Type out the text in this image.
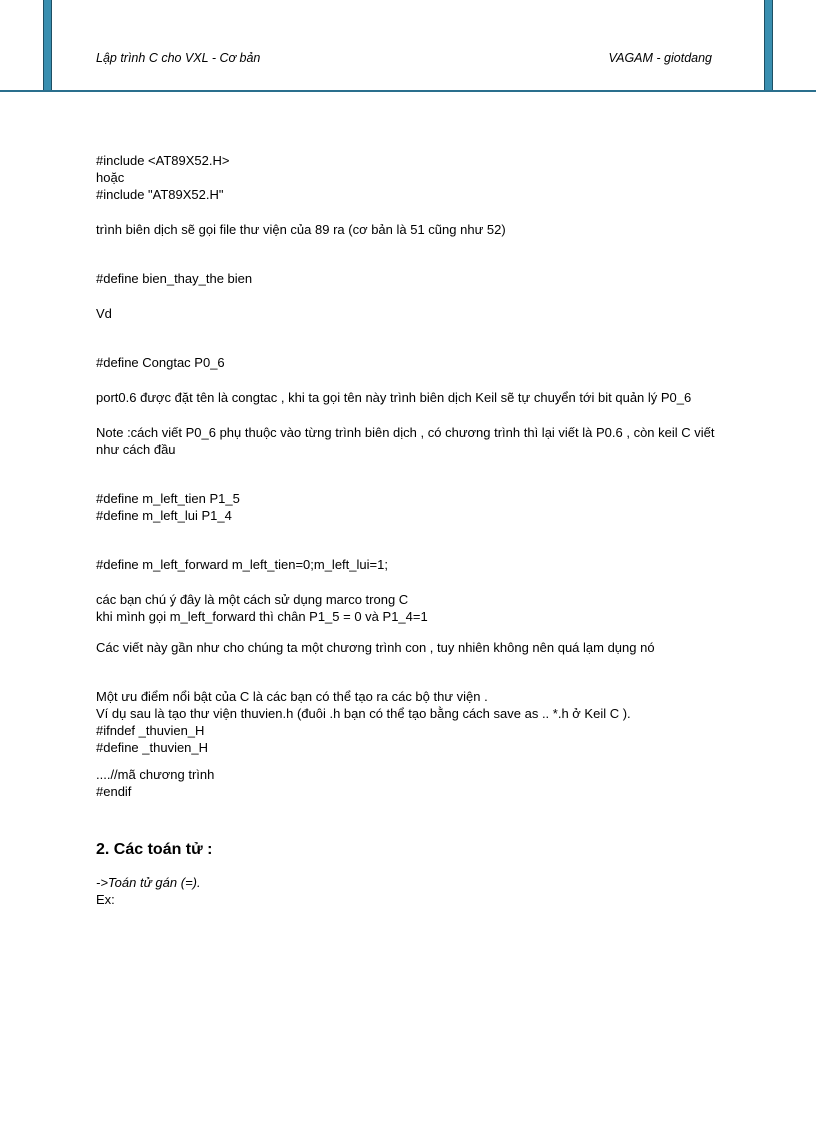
Lập trình C cho VXL - Cơ bản	VAGAM - giotdang

#include <AT89X52.H>

hoặc

#include "AT89X52.H"

trình biên dịch sẽ gọi file thư viện của 89 ra (cơ bản là 51 cũng như 52)

#define bien_thay_the bien

Vd

#define Congtac P0_6

port0.6 được đặt tên là congtac , khi ta gọi tên này trình biên dịch Keil sẽ tự chuyển tới bit quản lý P0_6

Note :cách viết P0_6 phụ thuộc vào từng trình biên dịch , có chương trình thì lại viết là P0.6 , còn keil C viết như cách đầu

#define m_left_tien P1_5

#define m_left_lui P1_4

#define m_left_forward m_left_tien=0;m_left_lui=1;

các bạn chú ý đây là một cách sử dụng marco trong C

khi mình gọi m_left_forward thì chân P1_5 = 0 và P1_4=1

Các viết này gần như cho chúng ta một chương trình con , tuy nhiên không nên quá lạm dụng nó

Một ưu điểm nổi bật của C là các bạn có thể tạo ra các bộ thư viện .

Ví dụ sau là tạo thư viện thuvien.h (đuôi .h bạn có thể tạo bằng cách save as .. *.h ở Keil C ).

#ifndef _thuvien_H

#define _thuvien_H

....//mã chương trình

#endif

2. Các toán tử :

->Toán tử gán (=).

Ex:
